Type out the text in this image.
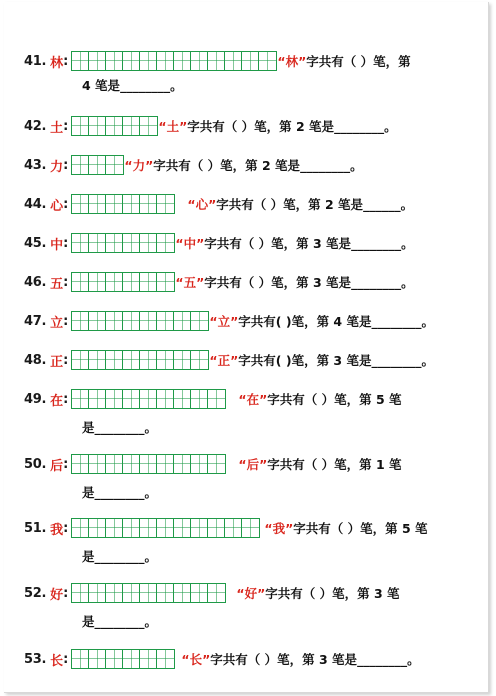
41. 林 :	“林” 字共有（ ）笔，第
4 笔是 ________ 。
42. 土 :	“土” 字共有（ ）笔，第 2 笔是 ________ 。
43. 力 :	“力” 字共有（ ）笔，第 2 笔是 ________ 。
44. 心 :	“心” 字共有（ ）笔，第 2 笔是 ______ 。
45. 中 :	“中” 字共有（ ）笔，第 3 笔是 ________ 。
46. 五 :	“五” 字共有（ ）笔，第 3 笔是 ________ 。
47. 立 :	“立” 字共有( )笔，第 4 笔是 ________ 。
48. 正 :	“正” 字共有( )笔，第 3 笔是 ________ 。
49. 在 :	“在” 字共有（ ）笔，第 5 笔
是 ________ 。
50. 后 :	“后” 字共有（ ）笔，第 1 笔
是 ________ 。
51. 我 :	“我” 字共有（ ）笔，第 5 笔
是 ________ 。
52. 好 :	“好” 字共有（ ）笔，第 3 笔
是 ________ 。
53. 长 :	“长” 字共有（ ）笔，第 3 笔是 ________ 。
